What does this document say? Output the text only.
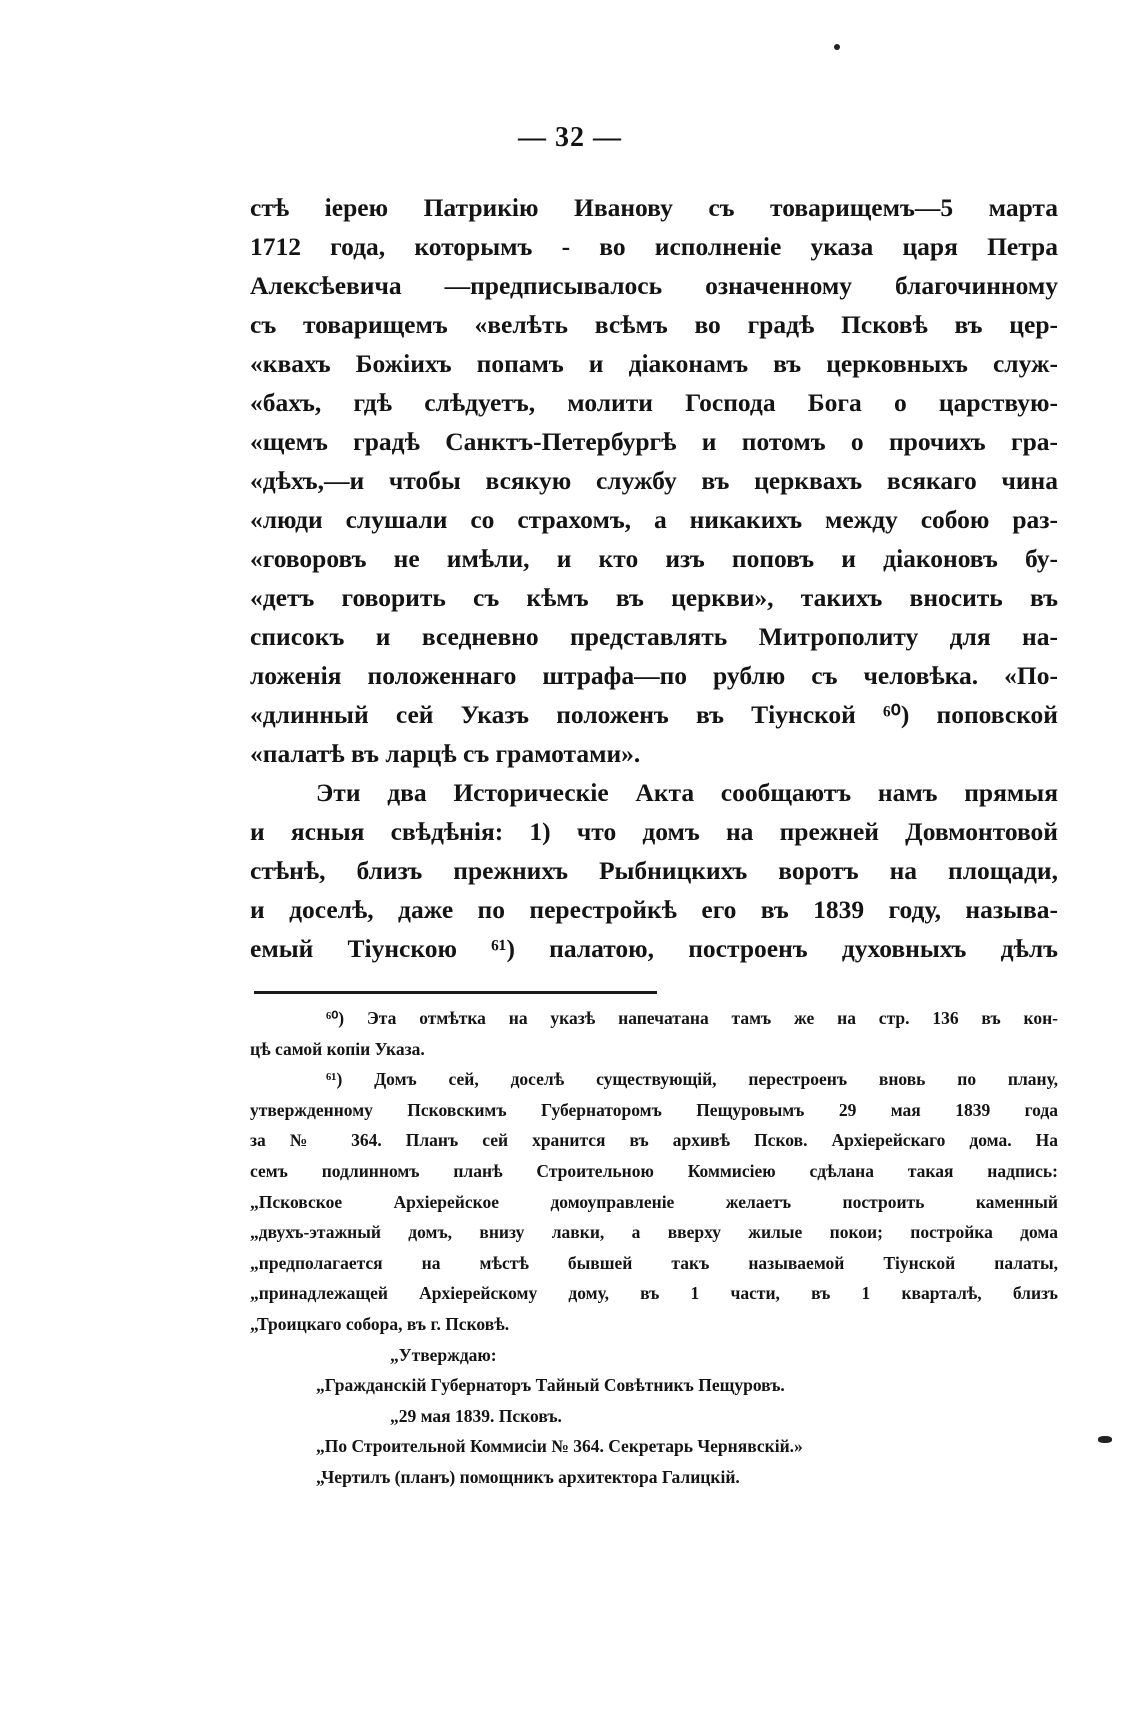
— 32 —
стѣ іерею Патрикію Иванову съ товарищемъ—5 марта
1712 года, которымъ - во исполненіе указа царя Петра
Алексѣевича —предписывалось означенному благочинному
съ товарищемъ «велѣть всѣмъ во градѣ Псковѣ въ цер-
«квахъ Божіихъ попамъ и діаконамъ въ церковныхъ служ-
«бахъ, гдѣ слѣдуетъ, молити Господа Бога о царствую-
«щемъ градѣ Санктъ-Петербургѣ и потомъ о прочихъ гра-
«дѣхъ,—и чтобы всякую службу въ церквахъ всякаго чина
«люди слушали со страхомъ, а никакихъ между собою раз-
«говоровъ не имѣли, и кто изъ поповъ и діаконовъ бу-
«детъ говорить съ кѣмъ въ церкви», такихъ вносить въ
списокъ и вседневно представлять Митрополиту для на-
ложенія положеннаго штрафа—по рублю съ человѣка. «По-
«длинный сей Указъ положенъ въ Тіунской ⁶⁰) поповской
«палатѣ въ ларцѣ съ грамотами».
Эти два Историческіе Акта сообщаютъ намъ прямыя
и ясныя свѣдѣнія: 1) что домъ на прежней Довмонтовой
стѣнѣ, близъ прежнихъ Рыбницкихъ воротъ на площади,
и доселѣ, даже по перестройкѣ его въ 1839 году, называ-
емый Тіунскою ⁶¹) палатою, построенъ духовныхъ дѣлъ
⁶⁰) Эта отмѣтка на указѣ напечатана тамъ же на стр. 136 въ кон-
цѣ самой копіи Указа.
⁶¹) Домъ сей, доселѣ существующій, перестроенъ вновь по плану,
утвержденному Псковскимъ Губернаторомъ Пещуровымъ 29 мая 1839 года
за № 364. Планъ сей хранится въ архивѣ Псков. Архіерейскаго дома. На
семъ подлинномъ планѣ Строительною Коммисіею сдѣлана такая надпись:
„Псковское Архіерейское домоуправленіе желаетъ построить каменный
„двухъ-этажный домъ, внизу лавки, а вверху жилые покои; постройка дома
„предполагается на мѣстѣ бывшей такъ называемой Тіунской палаты,
„принадлежащей Архіерейскому дому, въ 1 части, въ 1 кварталѣ, близъ
„Троицкаго собора, въ г. Псковѣ.
„Утверждаю:
„Гражданскій Губернаторъ Тайный Совѣтникъ Пещуровъ.
„29 мая 1839. Псковъ.
„По Строительной Коммисіи № 364. Секретарь Чернявскій.»
„Чертилъ (планъ) помощникъ архитектора Галицкій.
